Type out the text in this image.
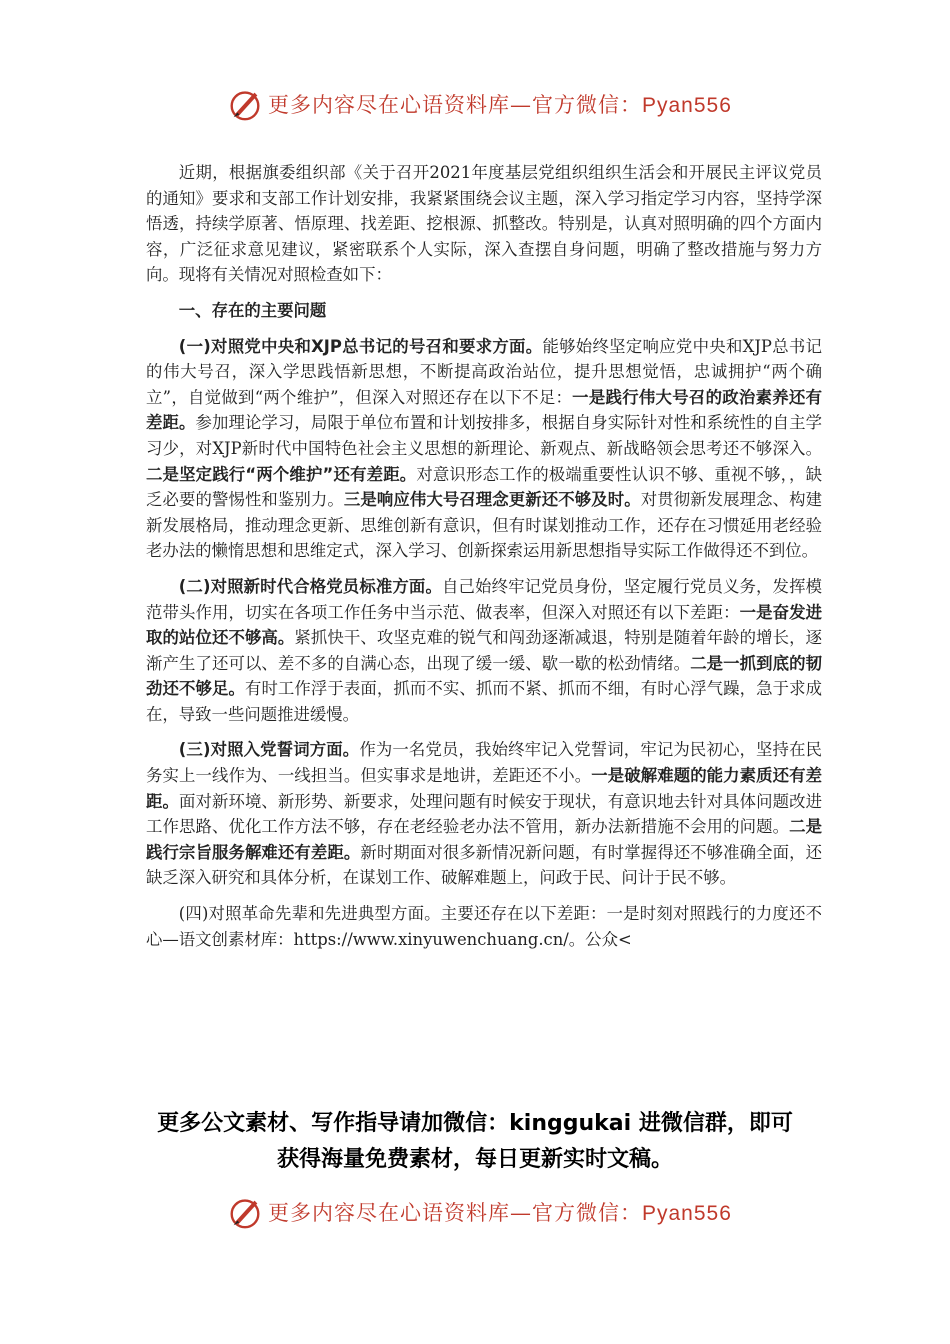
更多内容尽在心语资料库—官方微信：Pyan556

近期，根据旗委组织部《关于召开2021年度基层党组织组织生活会和开展民主评议党员的通知》要求和支部工作计划安排，我紧紧围绕会议主题，深入学习指定学习内容，坚持学深悟透，持续学原著、悟原理、找差距、挖根源、抓整改。特别是，认真对照明确的四个方面内容，广泛征求意见建议，紧密联系个人实际，深入查摆自身问题，明确了整改措施与努力方向。现将有关情况对照检查如下：

一、存在的主要问题

(一)对照党中央和XJP总书记的号召和要求方面。能够始终坚定响应党中央和XJP总书记的伟大号召，深入学思践悟新思想，不断提高政治站位，提升思想觉悟，忠诚拥护“两个确立”，自觉做到“两个维护”，但深入对照还存在以下不足：一是践行伟大号召的政治素养还有差距。参加理论学习，局限于单位布置和计划按排多，根据自身实际针对性和系统性的自主学习少，对XJP新时代中国特色社会主义思想的新理论、新观点、新战略领会思考还不够深入。二是坚定践行“两个维护”还有差距。对意识形态工作的极端重要性认识不够、重视不够，，缺乏必要的警惕性和鉴别力。三是响应伟大号召理念更新还不够及时。对贯彻新发展理念、构建新发展格局，推动理念更新、思维创新有意识，但有时谋划推动工作，还存在习惯延用老经验老办法的懒惰思想和思维定式，深入学习、创新探索运用新思想指导实际工作做得还不到位。

(二)对照新时代合格党员标准方面。自己始终牢记党员身份，坚定履行党员义务，发挥模范带头作用，切实在各项工作任务中当示范、做表率，但深入对照还有以下差距：一是奋发进取的站位还不够高。紧抓快干、攻坚克难的锐气和闯劲逐渐减退，特别是随着年龄的增长，逐渐产生了还可以、差不多的自满心态，出现了缓一缓、歇一歇的松劲情绪。二是一抓到底的韧劲还不够足。有时工作浮于表面，抓而不实、抓而不紧、抓而不细，有时心浮气躁，急于求成在，导致一些问题推进缓慢。

(三)对照入党誓词方面。作为一名党员，我始终牢记入党誓词，牢记为民初心，坚持在民务实上一线作为、一线担当。但实事求是地讲，差距还不小。一是破解难题的能力素质还有差距。面对新环境、新形势、新要求，处理问题有时候安于现状，有意识地去针对具体问题改进工作思路、优化工作方法不够，存在老经验老办法不管用，新办法新措施不会用的问题。二是践行宗旨服务解难还有差距。新时期面对很多新情况新问题，有时掌握得还不够准确全面，还缺乏深入研究和具体分析，在谋划工作、破解难题上，问政于民、问计于民不够。

(四)对照革命先辈和先进典型方面。主要还存在以下差距：一是时刻对照践行的力度还不心—语文创素材库：https://www.xinyuwenchuang.cn/。公众<

更多公文素材、写作指导请加微信：kinggukai 进微信群，即可
获得海量免费素材，每日更新实时文稿。
更多内容尽在心语资料库—官方微信：Pyan556
